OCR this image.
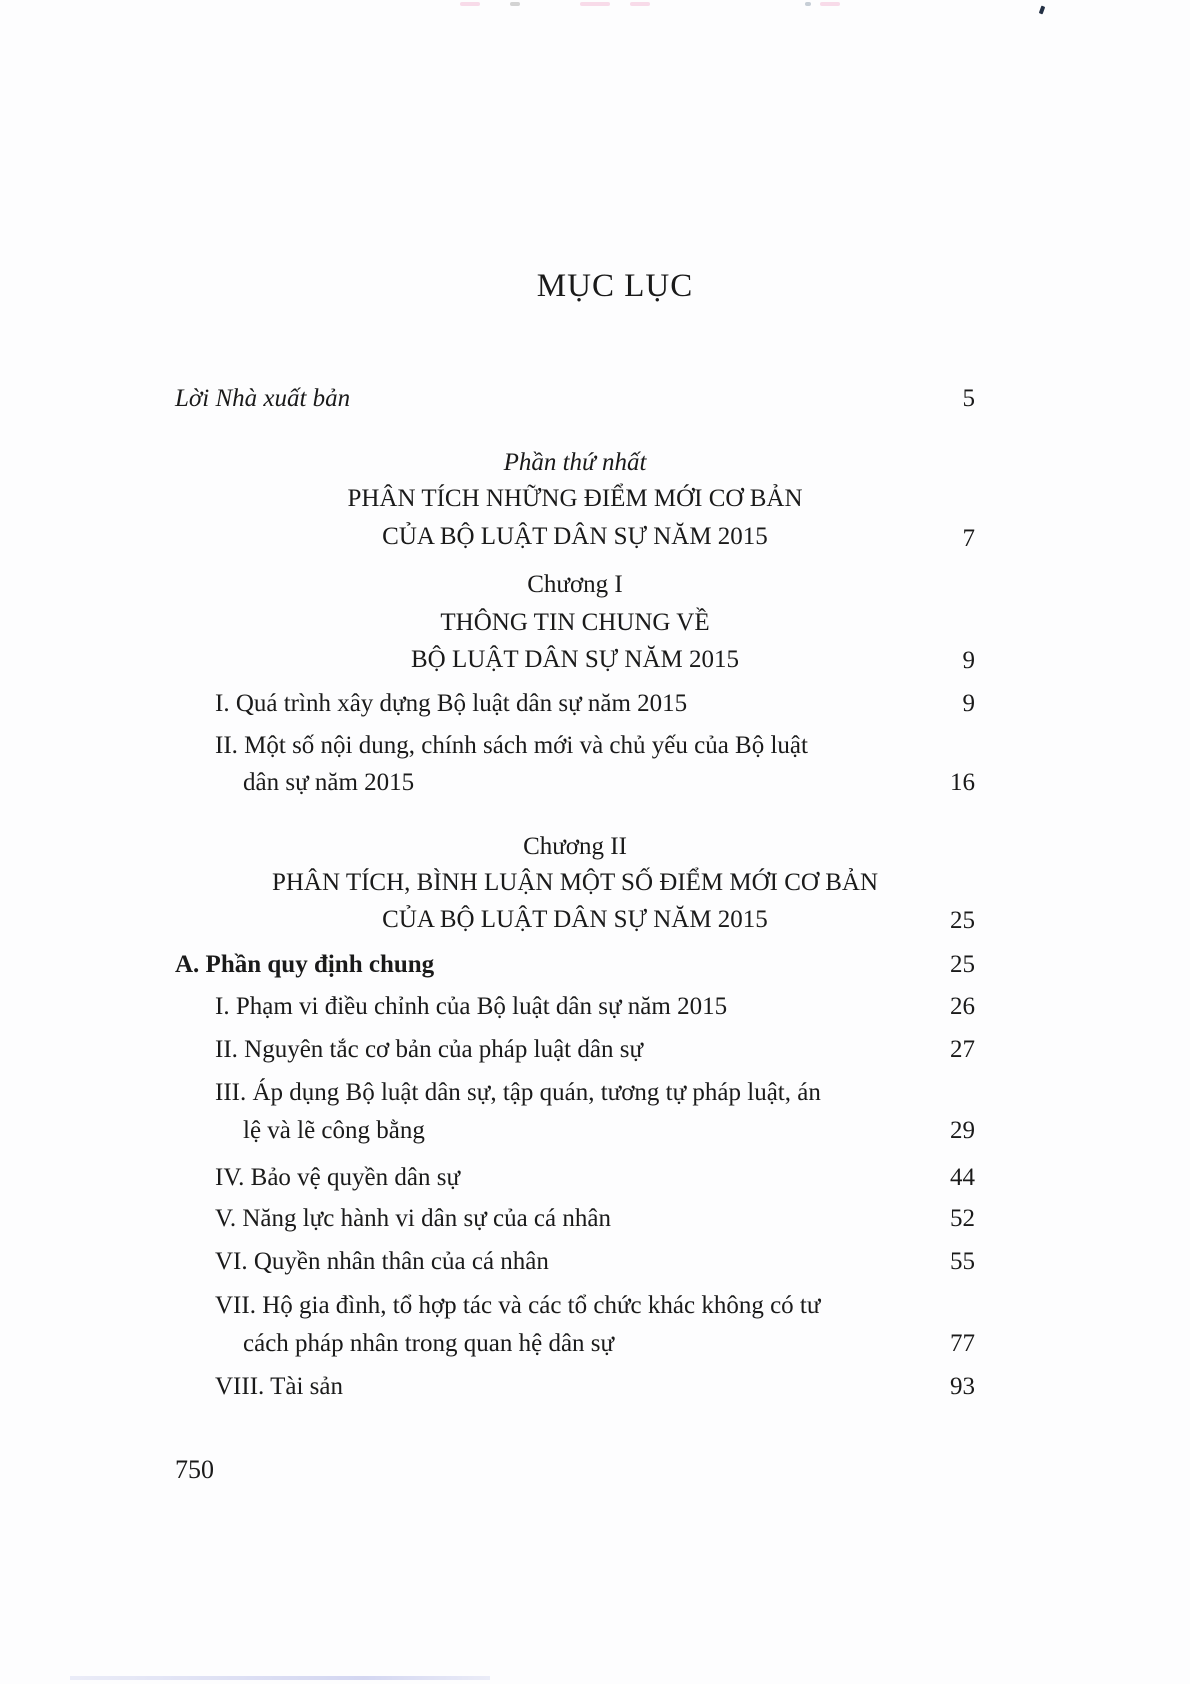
MỤC LỤC
Lời Nhà xuất bản	5
Phần thứ nhất
PHÂN TÍCH NHỮNG ĐIỂM MỚI CƠ BẢN
CỦA BỘ LUẬT DÂN SỰ NĂM 2015	7
Chương I
THÔNG TIN CHUNG VỀ
BỘ LUẬT DÂN SỰ NĂM 2015	9
I. Quá trình xây dựng Bộ luật dân sự năm 2015	9
II. Một số nội dung, chính sách mới và chủ yếu của Bộ luật
dân sự năm 2015	16
Chương II
PHÂN TÍCH, BÌNH LUẬN MỘT SỐ ĐIỂM MỚI CƠ BẢN
CỦA BỘ LUẬT DÂN SỰ NĂM 2015	25
A. Phần quy định chung	25
I. Phạm vi điều chỉnh của Bộ luật dân sự năm 2015	26
II. Nguyên tắc cơ bản của pháp luật dân sự	27
III. Áp dụng Bộ luật dân sự, tập quán, tương tự pháp luật, án
lệ và lẽ công bằng	29
IV. Bảo vệ quyền dân sự	44
V. Năng lực hành vi dân sự của cá nhân	52
VI. Quyền nhân thân của cá nhân	55
VII. Hộ gia đình, tổ hợp tác và các tổ chức khác không có tư
cách pháp nhân trong quan hệ dân sự	77
VIII. Tài sản	93
750
